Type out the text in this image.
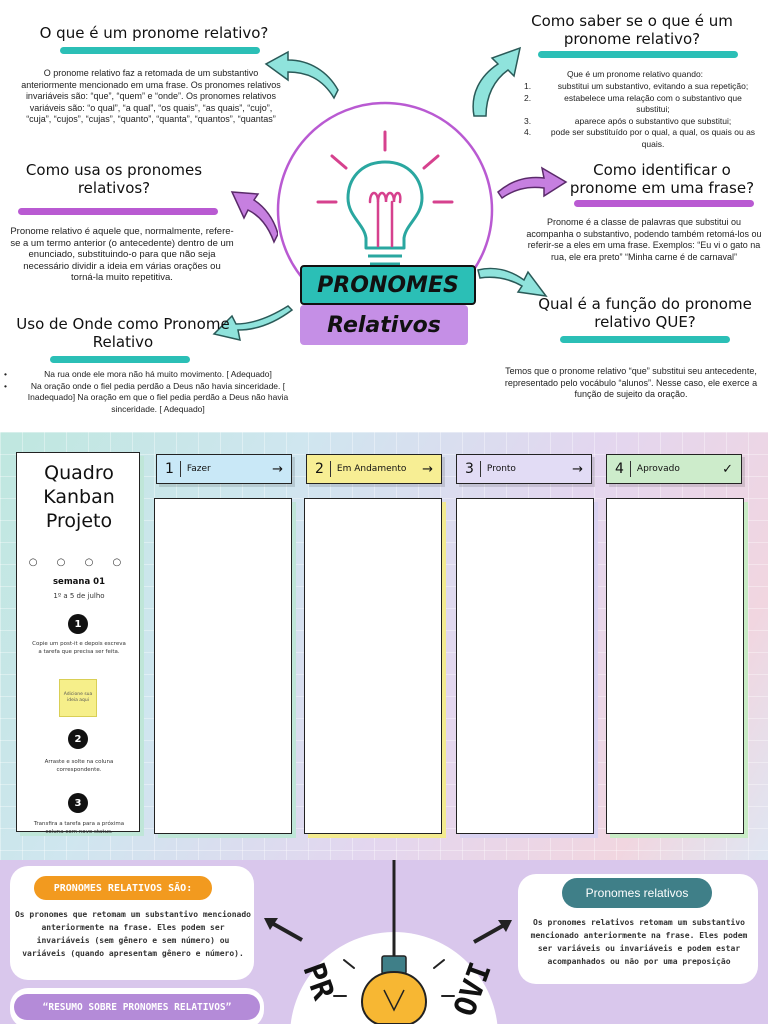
PRONOMES
Relativos
O que é um pronome relativo?
O pronome relativo faz a retomada de um substantivo anteriormente mencionado em uma frase. Os pronomes relativos invariáveis são: “que”, “quem” e “onde”. Os pronomes relativos variáveis são: “o qual”, “a qual”, “os quais”, “as quais”, “cujo”, “cuja”, “cujos”, “cujas”, “quanto”, “quanta”, “quantos”, “quantas”
Como usa os pronomes relativos?
Pronome relativo é aquele que, normalmente, refere-se a um termo anterior (o antecedente) dentro de um enunciado, substituindo-o para que não seja necessário dividir a ideia em várias orações ou torná-la muito repetitiva.
Uso de Onde como Pronome Relativo
• Na rua onde ele mora não há muito movimento. [ Adequado]
• Na oração onde o fiel pedia perdão a Deus não havia sinceridade. [ Inadequado] Na oração em que o fiel pedia perdão a Deus não havia sinceridade. [ Adequado]
Como saber se o que é um pronome relativo?
Que é um pronome relativo quando:
1.	substitui um substantivo, evitando a sua repetição;
2.	estabelece uma relação com o substantivo que substitui;
3.	aparece após o substantivo que substitui;
4.	pode ser substituído por o qual, a qual, os quais ou as quais.
Como identificar o pronome em uma frase?
Pronome é a classe de palavras que substitui ou acompanha o substantivo, podendo também retomá-los ou referir-se a eles em uma frase. Exemplos: “Eu vi o gato na rua, ele era preto” “Minha carne é de carnaval”
Qual é a função do pronome relativo QUE?
Temos que o pronome relativo “que” substitui seu antecedente, representado pelo vocábulo “alunos”. Nesse caso, ele exerce a função de sujeito da oração.
Quadro Kanban Projeto
○ ○ ○ ○
semana 01
1º a 5 de julho
1
Copie um post-it e depois escreva a tarefa que precisa ser feita.
Adicione sua ideia aqui
2
Arraste e solte na coluna correspondente.
3
Transfira a tarefa para a próxima coluna com novo status.
1 Fazer	→ 2 Em Andamento	→ 3 Pronto	→ 4 Aprovado	✓
PR	OVI
PRONOMES RELATIVOS SÃO:
Os pronomes que retomam um substantivo mencionado anteriormente na frase. Eles podem ser invariáveis (sem gênero e sem número) ou variáveis (quando apresentam gênero e número).
Pronomes relativos
Os pronomes relativos retomam um substantivo mencionado anteriormente na frase. Eles podem ser variáveis ou invariáveis e podem estar acompanhados ou não por uma preposição
“RESUMO SOBRE PRONOMES RELATIVOS”
